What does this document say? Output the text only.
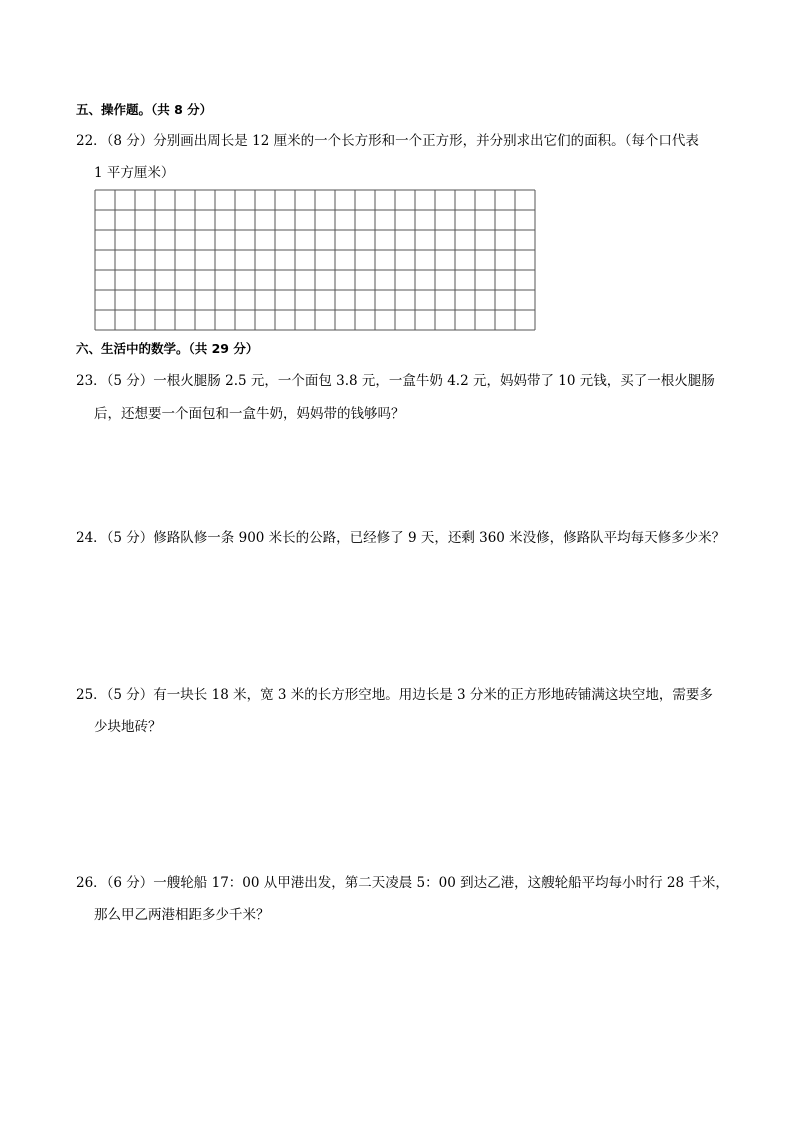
五、操作题。（共 8 分）
22．（8 分）分别画出周长是 12 厘米的一个长方形和一个正方形，并分别求出它们的面积。（每个口代表
1 平方厘米）
六、生活中的数学。（共 29 分）
23．（5 分）一根火腿肠 2.5 元，一个面包 3.8 元，一盒牛奶 4.2 元，妈妈带了 10 元钱，买了一根火腿肠
后，还想要一个面包和一盒牛奶，妈妈带的钱够吗？
24．（5 分）修路队修一条 900 米长的公路，已经修了 9 天，还剩 360 米没修，修路队平均每天修多少米？
25．（5 分）有一块长 18 米，宽 3 米的长方形空地。用边长是 3 分米的正方形地砖铺满这块空地，需要多
少块地砖？
26．（6 分）一艘轮船 17：00 从甲港出发，第二天凌晨 5：00 到达乙港，这艘轮船平均每小时行 28 千米，
那么甲乙两港相距多少千米？
